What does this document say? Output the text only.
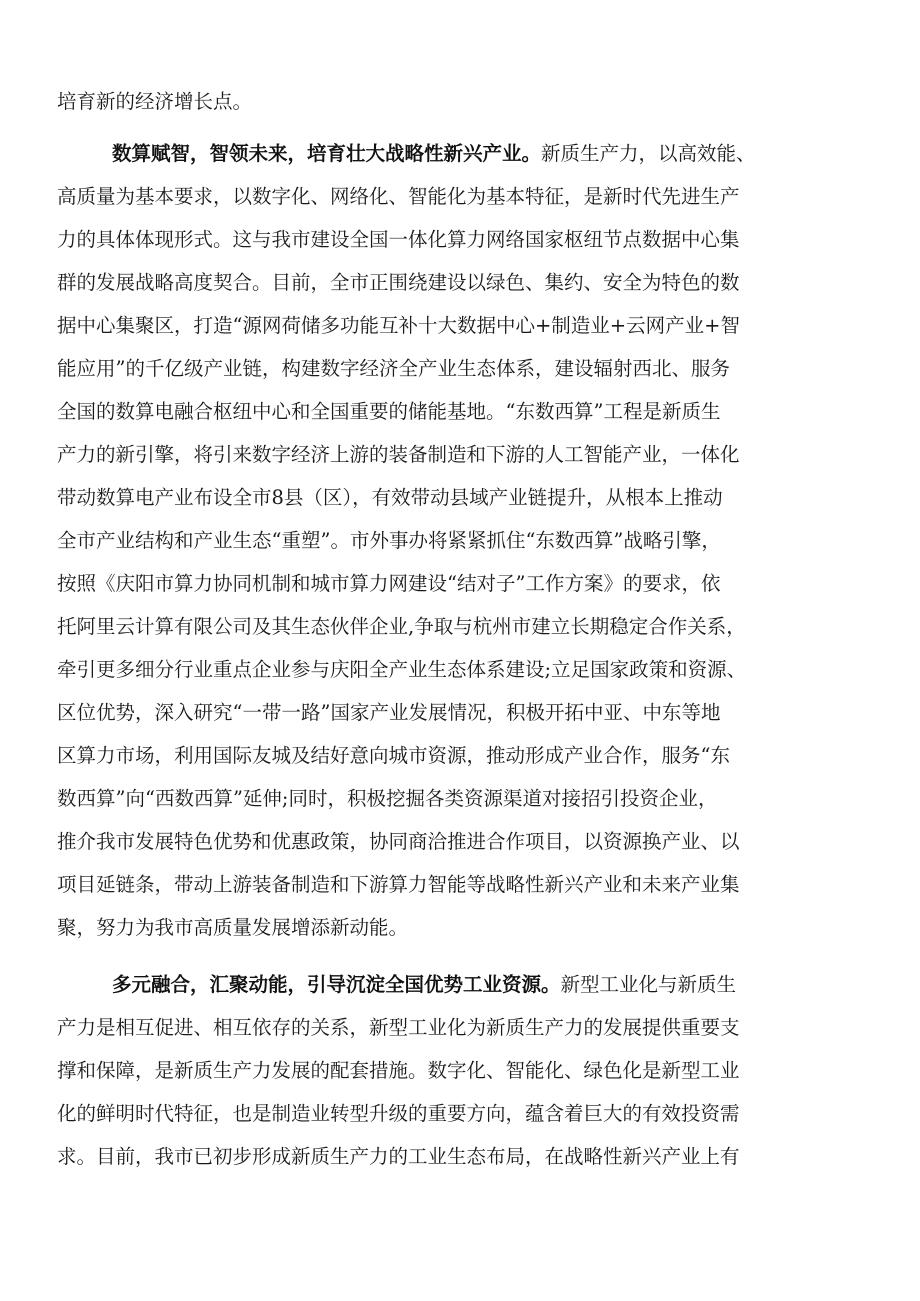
培育新的经济增长点。
数算赋智，智领未来，培育壮大战略性新兴产业。新质生产力，以高效能、
高质量为基本要求，以数字化、网络化、智能化为基本特征，是新时代先进生产
力的具体体现形式。这与我市建设全国一体化算力网络国家枢纽节点数据中心集
群的发展战略高度契合。目前，全市正围绕建设以绿色、集约、安全为特色的数
据中心集聚区，打造“源网荷储多功能互补十大数据中心+制造业+云网产业+智
能应用”的千亿级产业链，构建数字经济全产业生态体系，建设辐射西北、服务
全国的数算电融合枢纽中心和全国重要的储能基地。“东数西算”工程是新质生
产力的新引擎，将引来数字经济上游的装备制造和下游的人工智能产业，一体化
带动数算电产业布设全市8县（区），有效带动县域产业链提升，从根本上推动
全市产业结构和产业生态“重塑”。市外事办将紧紧抓住“东数西算”战略引擎，
按照《庆阳市算力协同机制和城市算力网建设“结对子”工作方案》的要求，依
托阿里云计算有限公司及其生态伙伴企业,争取与杭州市建立长期稳定合作关系，
牵引更多细分行业重点企业参与庆阳全产业生态体系建设;立足国家政策和资源、
区位优势，深入研究“一带一路”国家产业发展情况，积极开拓中亚、中东等地
区算力市场，利用国际友城及结好意向城市资源，推动形成产业合作，服务“东
数西算”向“西数西算”延伸;同时，积极挖掘各类资源渠道对接招引投资企业，
推介我市发展特色优势和优惠政策，协同商洽推进合作项目，以资源换产业、以
项目延链条，带动上游装备制造和下游算力智能等战略性新兴产业和未来产业集
聚，努力为我市高质量发展增添新动能。
多元融合，汇聚动能，引导沉淀全国优势工业资源。新型工业化与新质生
产力是相互促进、相互依存的关系，新型工业化为新质生产力的发展提供重要支
撑和保障，是新质生产力发展的配套措施。数字化、智能化、绿色化是新型工业
化的鲜明时代特征，也是制造业转型升级的重要方向，蕴含着巨大的有效投资需
求。目前，我市已初步形成新质生产力的工业生态布局，在战略性新兴产业上有
